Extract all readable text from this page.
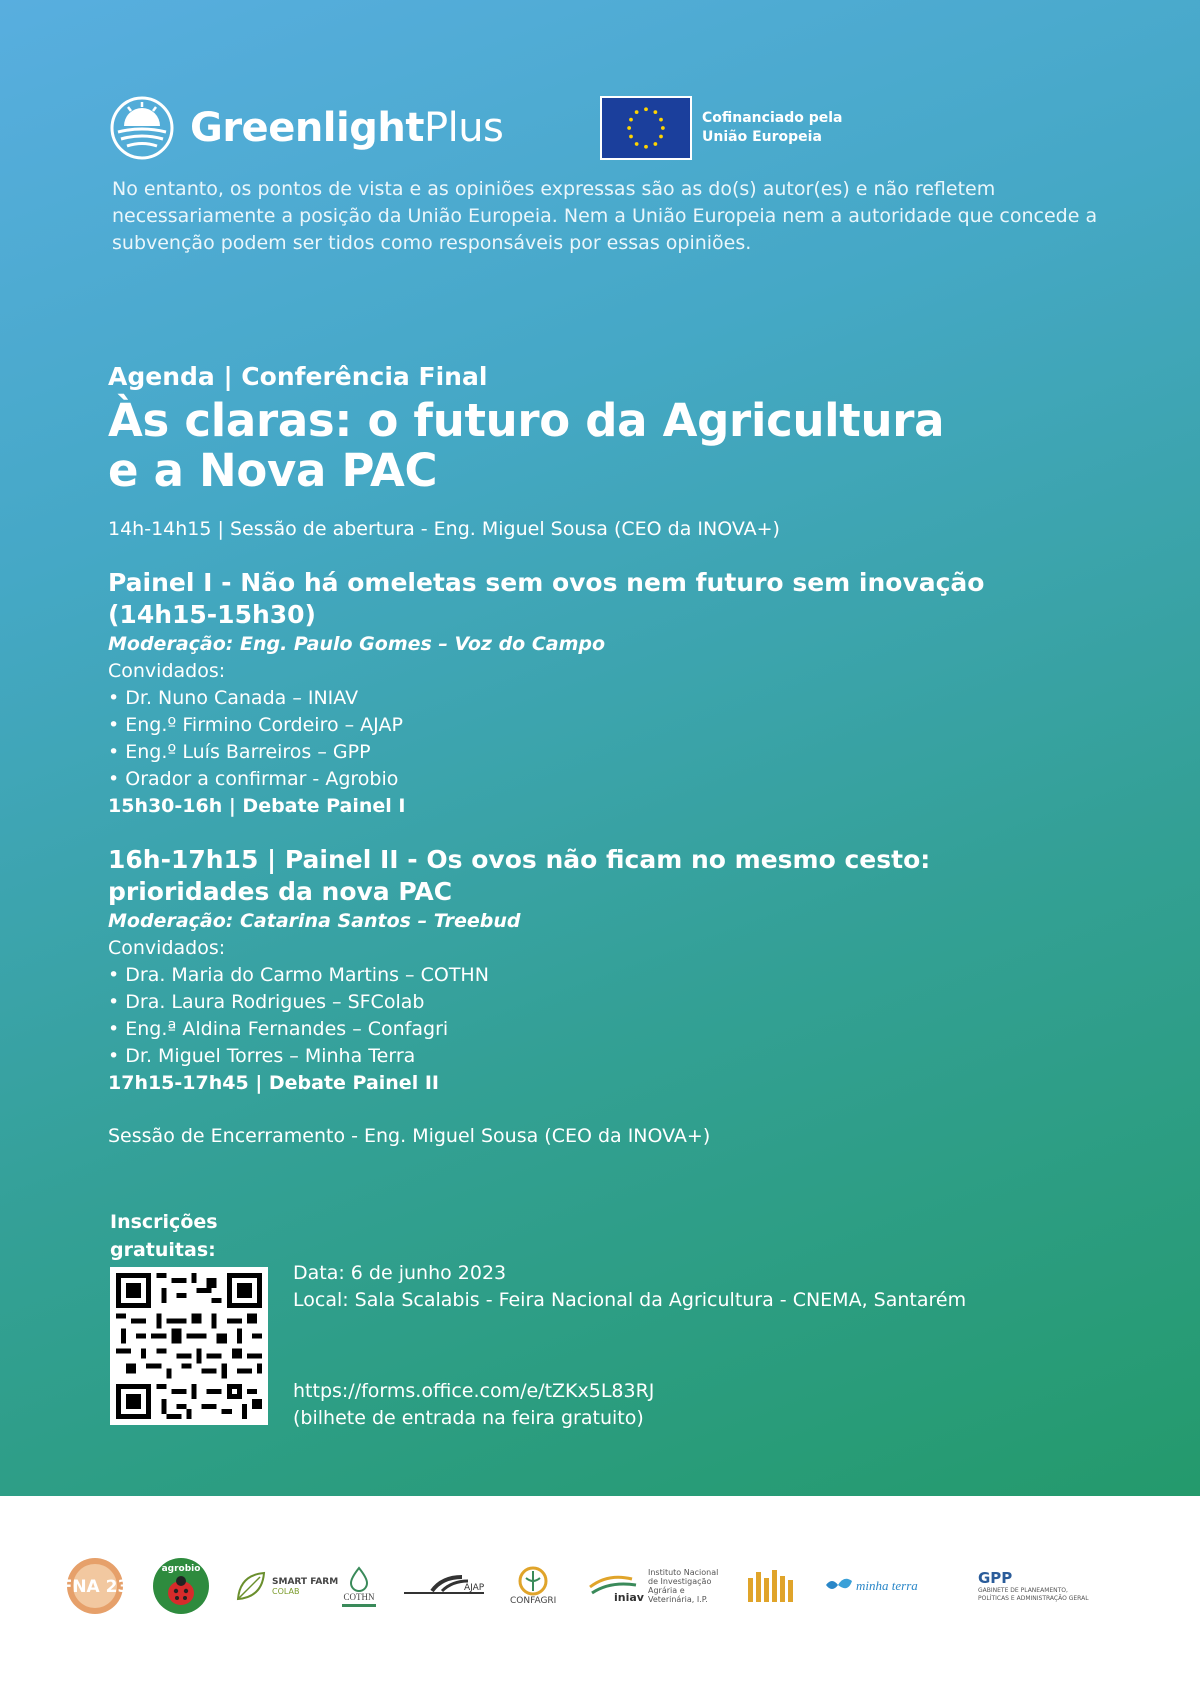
GreenlightPlus	Cofinanciado pela
União Europeia
No entanto, os pontos de vista e as opiniões expressas são as do(s) autor(es) e não refletem necessariamente a posição da União Europeia. Nem a União Europeia nem a autoridade que concede a subvenção podem ser tidos como responsáveis por essas opiniões.
Agenda | Conferência Final
Às claras: o futuro da Agricultura
e a Nova PAC
14h-14h15 | Sessão de abertura - Eng. Miguel Sousa (CEO da INOVA+)
Painel I - Não há omeletas sem ovos nem futuro sem inovação
(14h15-15h30)
Moderação: Eng. Paulo Gomes – Voz do Campo
Convidados:
• Dr. Nuno Canada – INIAV
• Eng.º Firmino Cordeiro – AJAP
• Eng.º Luís Barreiros – GPP
• Orador a confirmar - Agrobio
15h30-16h | Debate Painel I
16h-17h15 | Painel II - Os ovos não ficam no mesmo cesto:
prioridades da nova PAC
Moderação: Catarina Santos – Treebud
Convidados:
• Dra. Maria do Carmo Martins – COTHN
• Dra. Laura Rodrigues – SFColab
• Eng.ª Aldina Fernandes – Confagri
• Dr. Miguel Torres – Minha Terra
17h15-17h45 | Debate Painel II
Sessão de Encerramento - Eng. Miguel Sousa (CEO da INOVA+)
Inscrições
gratuitas:
Data: 6 de junho 2023
Local: Sala Scalabis - Feira Nacional da Agricultura - CNEMA, Santarém
https://forms.office.com/e/tZKx5L83RJ
(bilhete de entrada na feira gratuito)
FNA 23
agrobio
SMART FARM
COLAB
COTHN
AJAP
CONFAGRI	iniav
Instituto Nacional de Investigação Agrária e Veterinária, I.P.
minha terra	GPP
GABINETE DE PLANEAMENTO, POLÍTICAS E ADMINISTRAÇÃO GERAL
